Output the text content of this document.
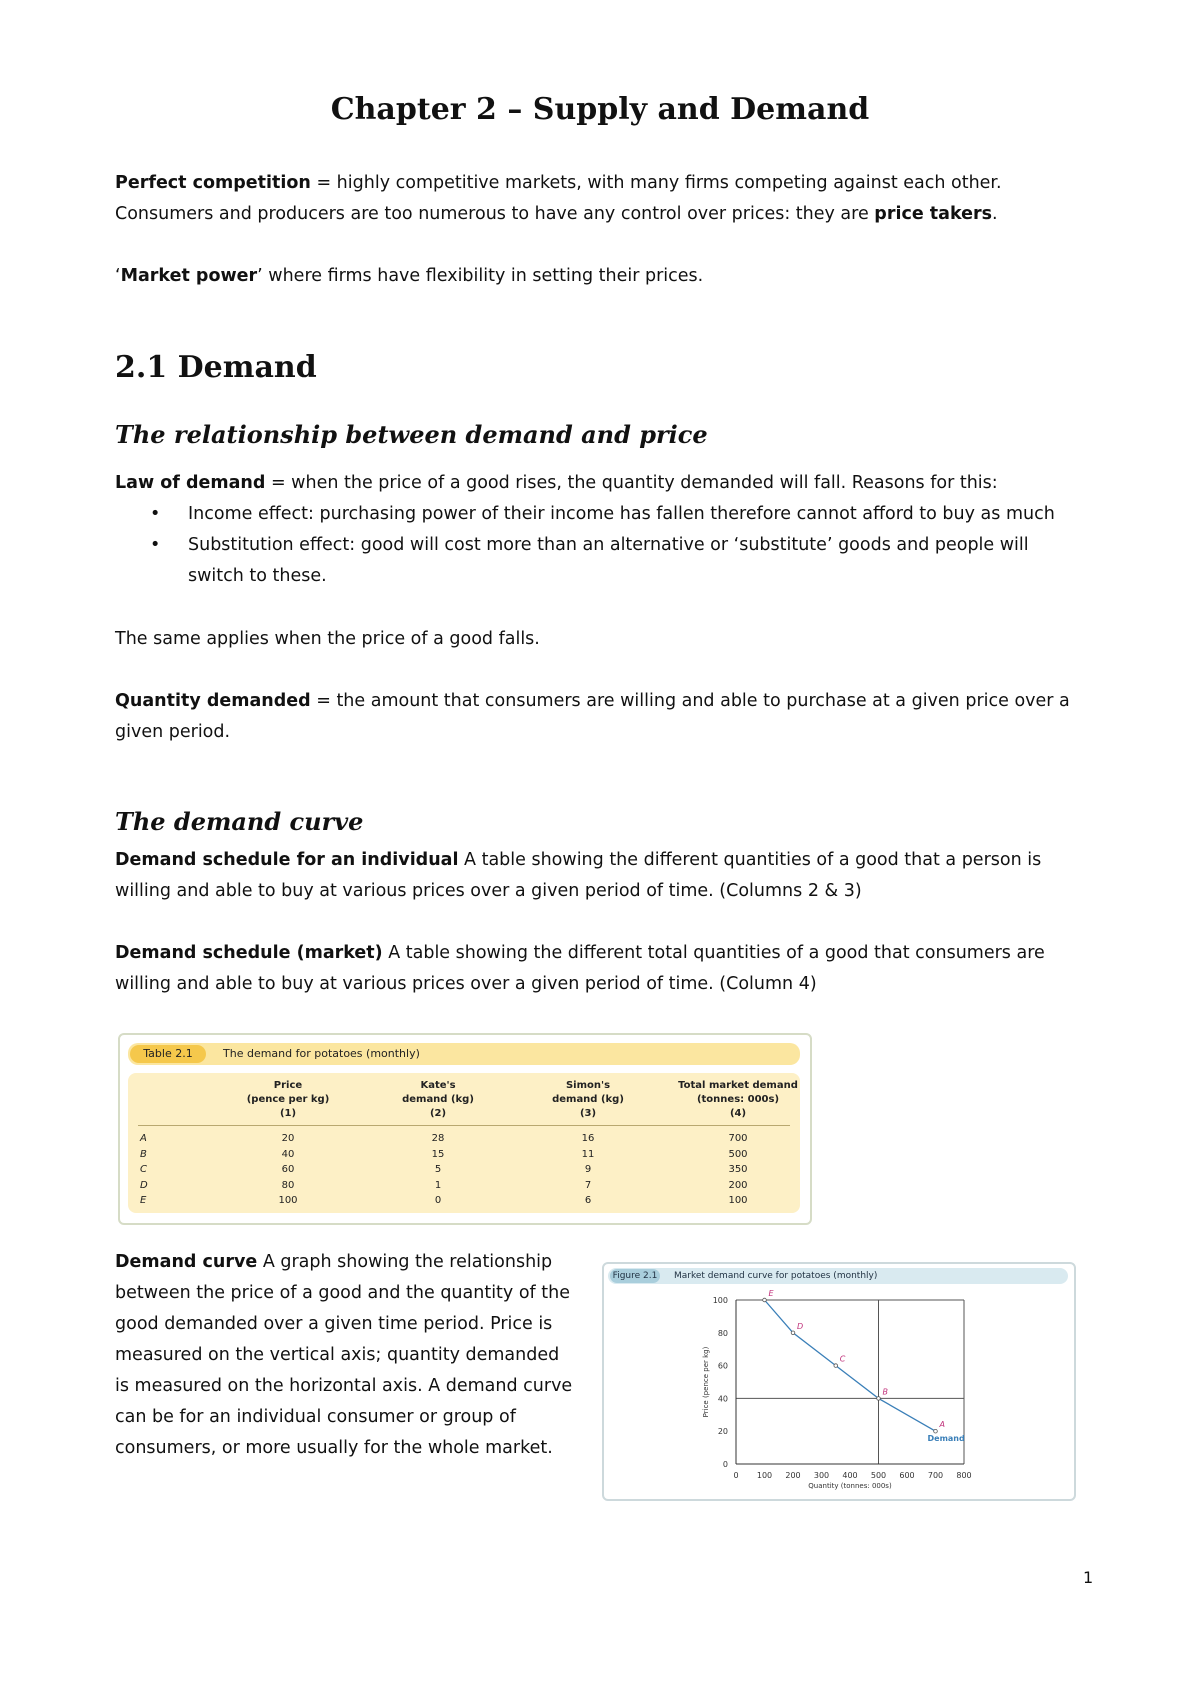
Chapter 2 – Supply and Demand
Perfect competition = highly competitive markets, with many firms competing against each other. Consumers and producers are too numerous to have any control over prices: they are price takers.
‘Market power’ where firms have flexibility in setting their prices.
2.1 Demand
The relationship between demand and price
Law of demand = when the price of a good rises, the quantity demanded will fall. Reasons for this:
• Income effect: purchasing power of their income has fallen therefore cannot afford to buy as much
• Substitution effect: good will cost more than an alternative or ‘substitute’ goods and people will switch to these.
The same applies when the price of a good falls.
Quantity demanded = the amount that consumers are willing and able to purchase at a given price over a given period.
The demand curve
Demand schedule for an individual A table showing the different quantities of a good that a person is willing and able to buy at various prices over a given period of time. (Columns 2 & 3)
Demand schedule (market) A table showing the different total quantities of a good that consumers are willing and able to buy at various prices over a given period of time. (Column 4)
Table 2.1	The demand for potatoes (monthly)
Price
(pence per kg)
(1)
Kate's
demand (kg)
(2)
Simon's
demand (kg)
(3)
Total market demand
(tonnes: 000s)
(4)
A	20	28	16	700
B	40	15	11	500
C	60	5	9	350
D	80	1	7	200
E	100	0	6	100
Demand curve A graph showing the relationship between the price of a good and the quantity of the good demanded over a given time period. Price is measured on the vertical axis; quantity demanded is measured on the horizontal axis. A demand curve can be for an individual consumer or group of consumers, or more usually for the whole market.
Figure 2.1 Market demand curve for potatoes (monthly)
0 100 200 300 400 500 600 700 800
0
20
40
60
80
100
Quantity (tonnes: 000s)
Price (pence per kg)
E
D
C
B
A
Demand
1
